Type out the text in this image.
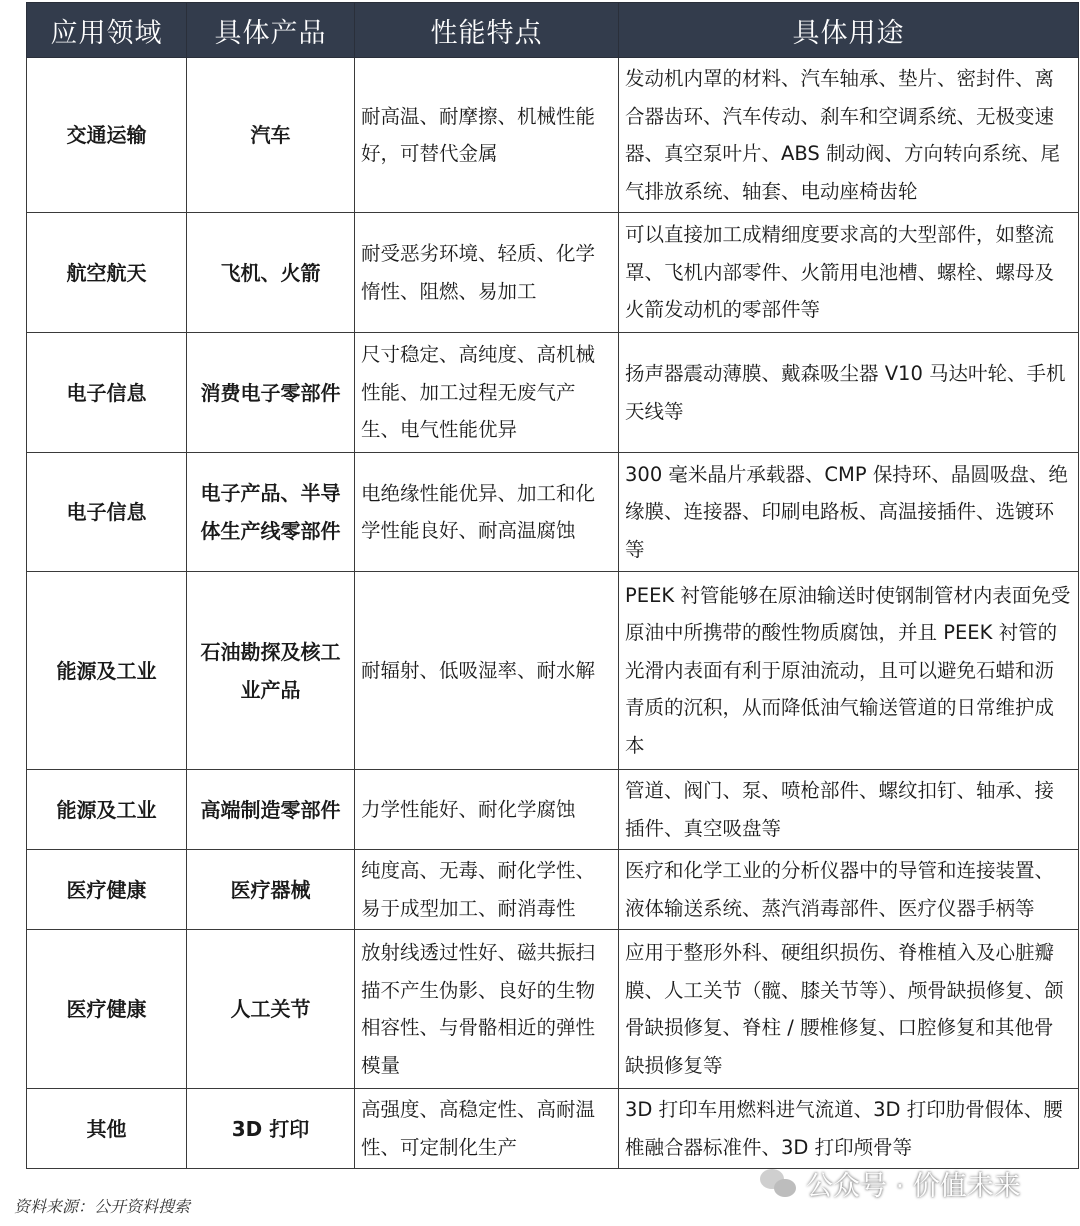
应用领域	具体产品	性能特点	具体用途
交通运输	汽车	耐高温、耐摩擦、机械性能好，可替代金属	发动机内罩的材料、汽车轴承、垫片、密封件、离合器齿环、汽车传动、刹车和空调系统、无极变速器、真空泵叶片、ABS 制动阀、方向转向系统、尾气排放系统、轴套、电动座椅齿轮
航空航天	飞机、火箭	耐受恶劣环境、轻质、化学惰性、阻燃、易加工	可以直接加工成精细度要求高的大型部件，如整流罩、飞机内部零件、火箭用电池槽、螺栓、螺母及火箭发动机的零部件等
电子信息	消费电子零部件	尺寸稳定、高纯度、高机械性能、加工过程无废气产生、电气性能优异	扬声器震动薄膜、戴森吸尘器 V10 马达叶轮、手机天线等
电子信息	电子产品、半导体生产线零部件	电绝缘性能优异、加工和化学性能良好、耐高温腐蚀	300 毫米晶片承载器、CMP 保持环、晶圆吸盘、绝缘膜、连接器、印刷电路板、高温接插件、选镀环等
能源及工业	石油勘探及核工业产品	耐辐射、低吸湿率、耐水解	PEEK 衬管能够在原油输送时使钢制管材内表面免受原油中所携带的酸性物质腐蚀，并且 PEEK 衬管的光滑内表面有利于原油流动，且可以避免石蜡和沥青质的沉积，从而降低油气输送管道的日常维护成本
能源及工业	高端制造零部件	力学性能好、耐化学腐蚀	管道、阀门、泵、喷枪部件、螺纹扣钉、轴承、接插件、真空吸盘等
医疗健康	医疗器械	纯度高、无毒、耐化学性、易于成型加工、耐消毒性	医疗和化学工业的分析仪器中的导管和连接装置、液体输送系统、蒸汽消毒部件、医疗仪器手柄等
医疗健康	人工关节	放射线透过性好、磁共振扫描不产生伪影、良好的生物相容性、与骨骼相近的弹性模量	应用于整形外科、硬组织损伤、脊椎植入及心脏瓣膜、人工关节（髋、膝关节等）、颅骨缺损修复、颌骨缺损修复、脊柱 / 腰椎修复、口腔修复和其他骨缺损修复等
其他	3D 打印	高强度、高稳定性、高耐温性、可定制化生产	3D 打印车用燃料进气流道、3D 打印肋骨假体、腰椎融合器标准件、3D 打印颅骨等
资料来源：公开资料搜索
公众号 · 价值未来
